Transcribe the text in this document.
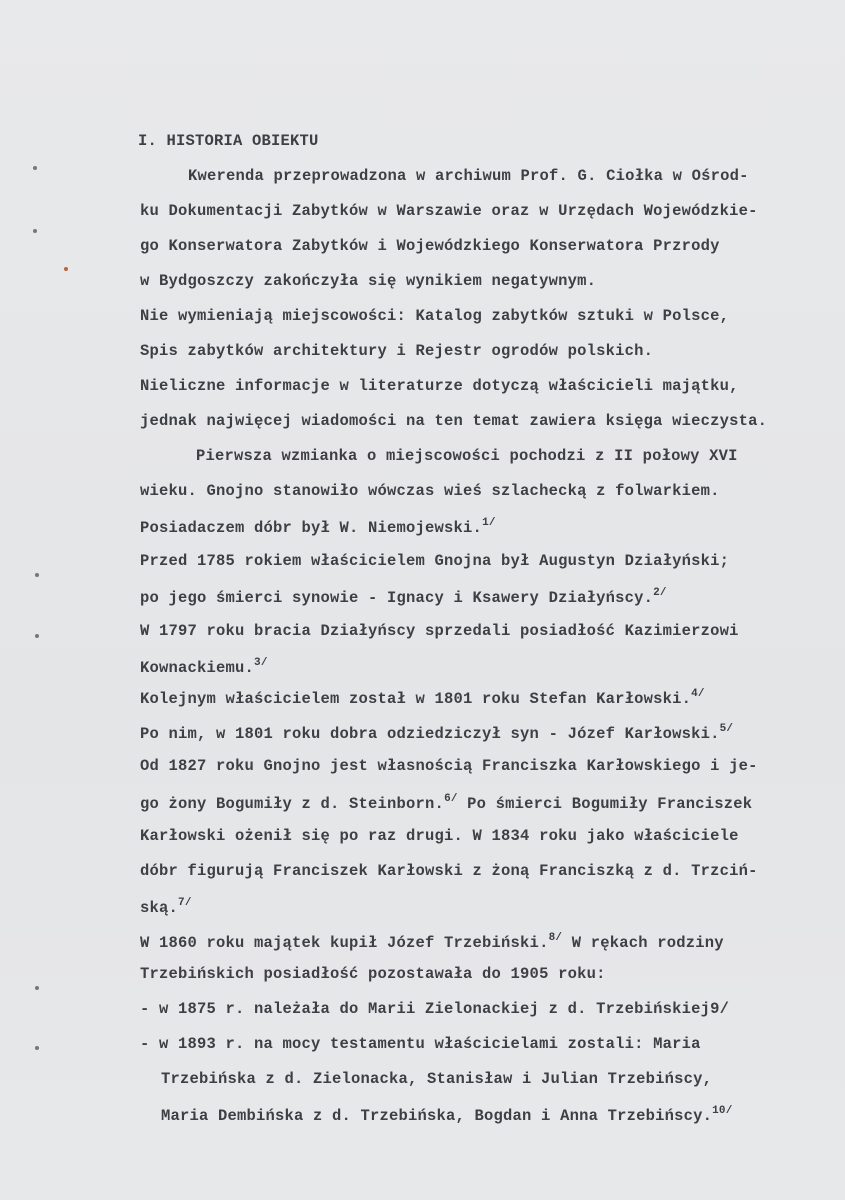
I. HISTORIA OBIEKTU
Kwerenda przeprowadzona w archiwum Prof. G. Ciołka w Ośrod-
ku Dokumentacji Zabytków w Warszawie oraz w Urzędach Wojewódzkie-
go Konserwatora Zabytków i Wojewódzkiego Konserwatora Przrody
w Bydgoszczy zakończyła się wynikiem negatywnym.
Nie wymieniają miejscowości: Katalog zabytków sztuki w Polsce,
Spis zabytków architektury i Rejestr ogrodów polskich.
Nieliczne informacje w literaturze dotyczą właścicieli majątku,
jednak najwięcej wiadomości na ten temat zawiera księga wieczysta.
Pierwsza wzmianka o miejscowości pochodzi z II połowy XVI
wieku. Gnojno stanowiło wówczas wieś szlachecką z folwarkiem.
Posiadaczem dóbr był W. Niemojewski.$^{1/}$
Przed 1785 rokiem właścicielem Gnojna był Augustyn Działyński;
po jego śmierci synowie - Ignacy i Ksawery Działyńscy.$^{2/}$
W 1797 roku bracia Działyńscy sprzedali posiadłość Kazimierzowi
Kownackiemu.$^{3/}$
Kolejnym właścicielem został w 1801 roku Stefan Karłowski.$^{4/}$
Po nim, w 1801 roku dobra odziedziczył syn - Józef Karłowski.$^{5/}$
Od 1827 roku Gnojno jest własnością Franciszka Karłowskiego i je-
go żony Bogumiły z d. Steinborn.$^{6/}$ Po śmierci Bogumiły Franciszek
Karłowski ożenił się po raz drugi. W 1834 roku jako właściciele
dóbr figurują Franciszek Karłowski z żoną Franciszką z d. Trzciń-
ską.$^{7/}$
W 1860 roku majątek kupił Józef Trzebiński.$^{8/}$ W rękach rodziny
Trzebińskich posiadłość pozostawała do 1905 roku:
- w 1875 r. należała do Marii Zielonackiej z d. Trzebińskiej9/
- w 1893 r. na mocy testamentu właścicielami zostali: Maria
Trzebińska z d. Zielonacka, Stanisław i Julian Trzebińscy,
Maria Dembińska z d. Trzebińska, Bogdan i Anna Trzebińscy.$^{10/}$
